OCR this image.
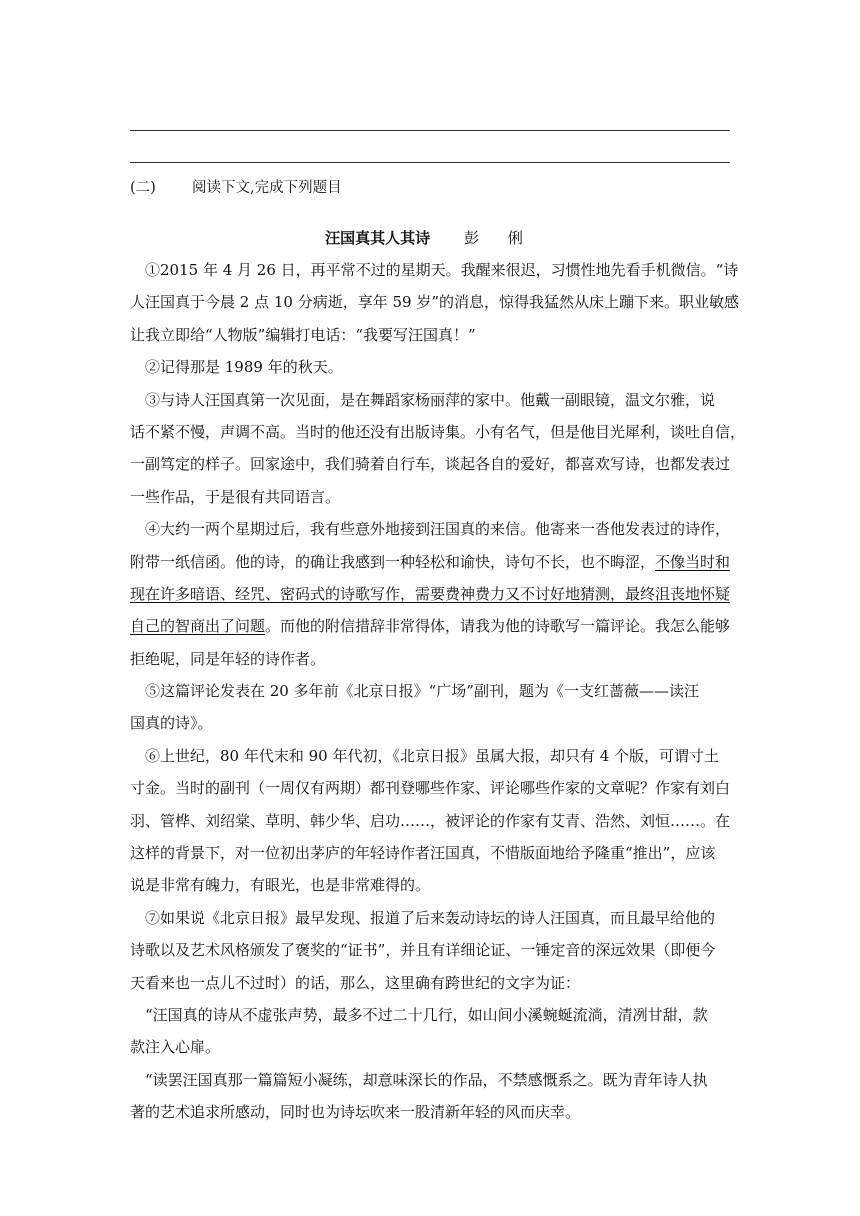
(二) 阅读下文,完成下列题目
汪国真其人其诗 彭 俐
①2015 年 4 月 26 日，再平常不过的星期天。我醒来很迟，习惯性地先看手机微信。“诗
人汪国真于今晨 2 点 10 分病逝，享年 59 岁”的消息，惊得我猛然从床上蹦下来。职业敏感
让我立即给“人物版”编辑打电话：“我要写汪国真！”
②记得那是 1989 年的秋天。
③与诗人汪国真第一次见面，是在舞蹈家杨丽萍的家中。他戴一副眼镜，温文尔雅，说
话不紧不慢，声调不高。当时的他还没有出版诗集。小有名气，但是他目光犀利，谈吐自信，
一副笃定的样子。回家途中，我们骑着自行车，谈起各自的爱好，都喜欢写诗，也都发表过
一些作品，于是很有共同语言。
④大约一两个星期过后，我有些意外地接到汪国真的来信。他寄来一沓他发表过的诗作，
附带一纸信函。他的诗，的确让我感到一种轻松和谕快，诗句不长，也不晦涩，不像当时和
现在许多暗语、经咒、密码式的诗歌写作，需要费神费力又不讨好地猜测，最终沮丧地怀疑
自己的智商出了问题。而他的附信措辞非常得体，请我为他的诗歌写一篇评论。我怎么能够
拒绝呢，同是年轻的诗作者。
⑤这篇评论发表在 20 多年前《北京日报》“广场”副刊，题为《一支红蔷薇——读汪
国真的诗》。
⑥上世纪，80 年代末和 90 年代初，《北京日报》虽属大报，却只有 4 个版，可谓寸土
寸金。当时的副刊（一周仅有两期）都刊登哪些作家、评论哪些作家的文章呢？作家有刘白
羽、管桦、刘绍棠、草明、韩少华、启功……，被评论的作家有艾青、浩然、刘恒……。在
这样的背景下，对一位初出茅庐的年轻诗作者汪国真，不惜版面地给予隆重“推出”，应该
说是非常有魄力，有眼光，也是非常难得的。
⑦如果说《北京日报》最早发现、报道了后来轰动诗坛的诗人汪国真，而且最早给他的
诗歌以及艺术风格颁发了褒奖的“证书”，并且有详细论证、一锤定音的深远效果（即便今
天看来也一点儿不过时）的话，那么，这里确有跨世纪的文字为证：
“汪国真的诗从不虚张声势，最多不过二十几行，如山间小溪蜿蜒流淌，清冽甘甜，款
款注入心扉。
“读罢汪国真那一篇篇短小凝练，却意味深长的作品，不禁感慨系之。既为青年诗人执
著的艺术追求所感动，同时也为诗坛吹来一股清新年轻的风而庆幸。
